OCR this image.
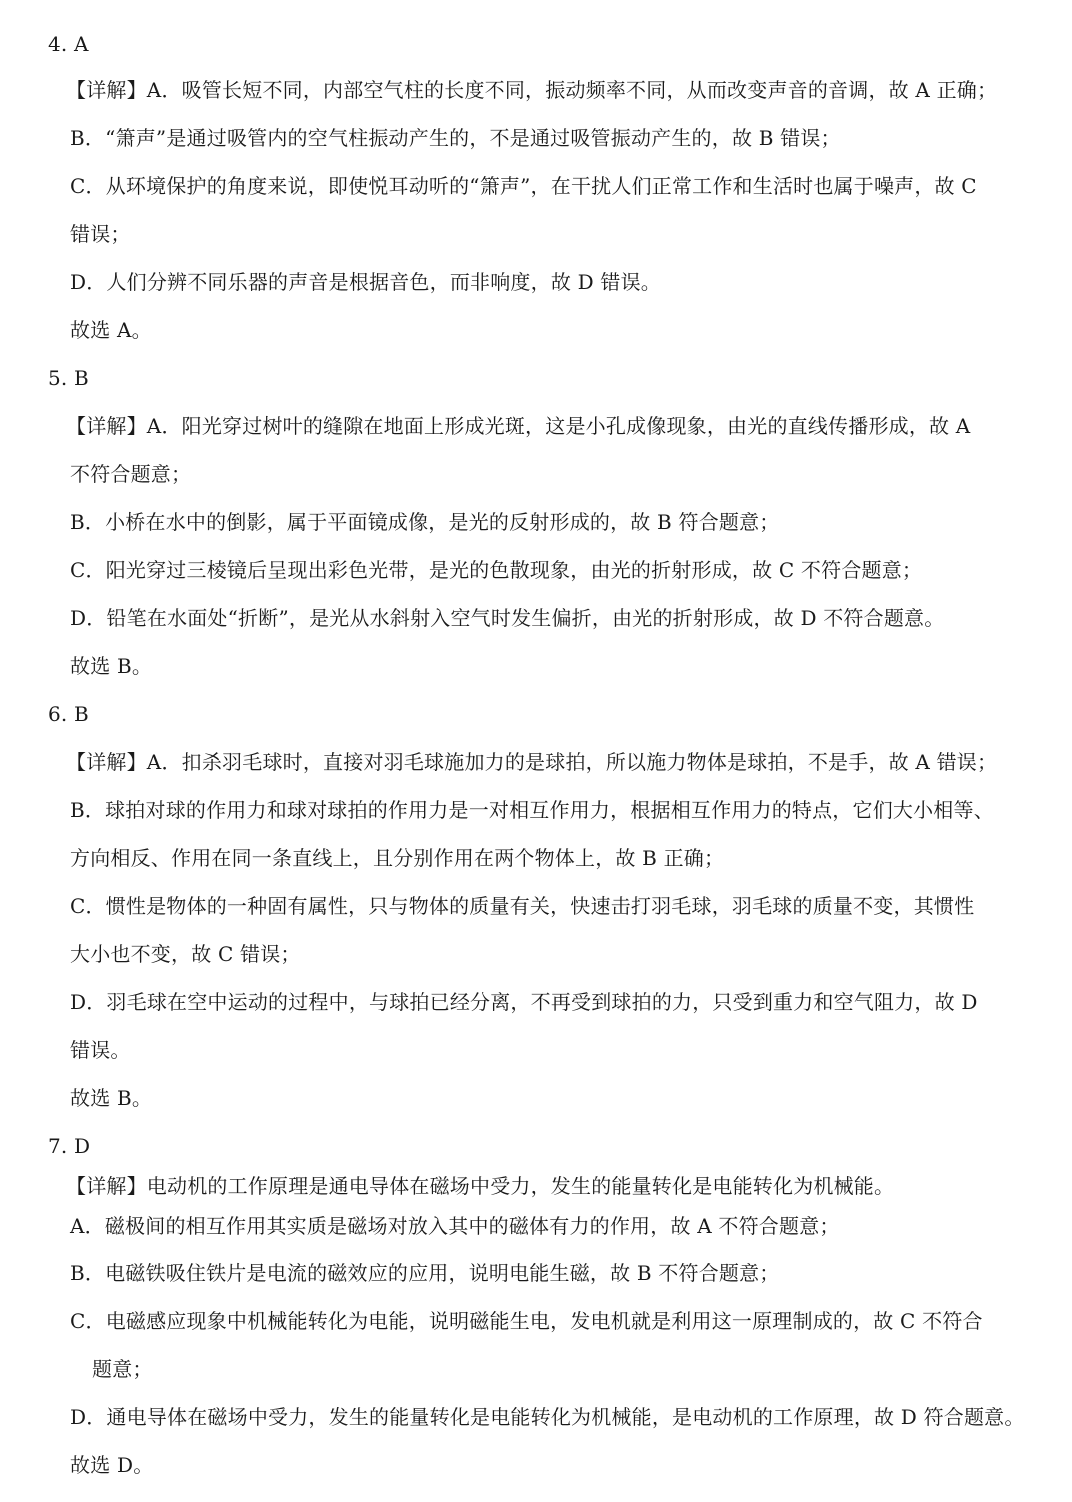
4. A
【详解】A．吸管长短不同，内部空气柱的长度不同，振动频率不同，从而改变声音的音调，故 A 正确；
B．“箫声”是通过吸管内的空气柱振动产生的，不是通过吸管振动产生的，故 B 错误；
C．从环境保护的角度来说，即使悦耳动听的“箫声”，在干扰人们正常工作和生活时也属于噪声，故 C
错误；
D．人们分辨不同乐器的声音是根据音色，而非响度，故 D 错误。
故选 A。
5. B
【详解】A．阳光穿过树叶的缝隙在地面上形成光斑，这是小孔成像现象，由光的直线传播形成，故 A
不符合题意；
B．小桥在水中的倒影，属于平面镜成像，是光的反射形成的，故 B 符合题意；
C．阳光穿过三棱镜后呈现出彩色光带，是光的色散现象，由光的折射形成，故 C 不符合题意；
D．铅笔在水面处“折断”，是光从水斜射入空气时发生偏折，由光的折射形成，故 D 不符合题意。
故选 B。
6. B
【详解】A．扣杀羽毛球时，直接对羽毛球施加力的是球拍，所以施力物体是球拍，不是手，故 A 错误；
B．球拍对球的作用力和球对球拍的作用力是一对相互作用力，根据相互作用力的特点，它们大小相等、
方向相反、作用在同一条直线上，且分别作用在两个物体上，故 B 正确；
C．惯性是物体的一种固有属性，只与物体的质量有关，快速击打羽毛球，羽毛球的质量不变，其惯性
大小也不变，故 C 错误；
D．羽毛球在空中运动的过程中，与球拍已经分离，不再受到球拍的力，只受到重力和空气阻力，故 D
错误。
故选 B。
7. D
【详解】电动机的工作原理是通电导体在磁场中受力，发生的能量转化是电能转化为机械能。
A．磁极间的相互作用其实质是磁场对放入其中的磁体有力的作用，故 A 不符合题意；
B．电磁铁吸住铁片是电流的磁效应的应用，说明电能生磁，故 B 不符合题意；
C．电磁感应现象中机械能转化为电能，说明磁能生电，发电机就是利用这一原理制成的，故 C 不符合
题意；
D．通电导体在磁场中受力，发生的能量转化是电能转化为机械能，是电动机的工作原理，故 D 符合题意。
故选 D。
